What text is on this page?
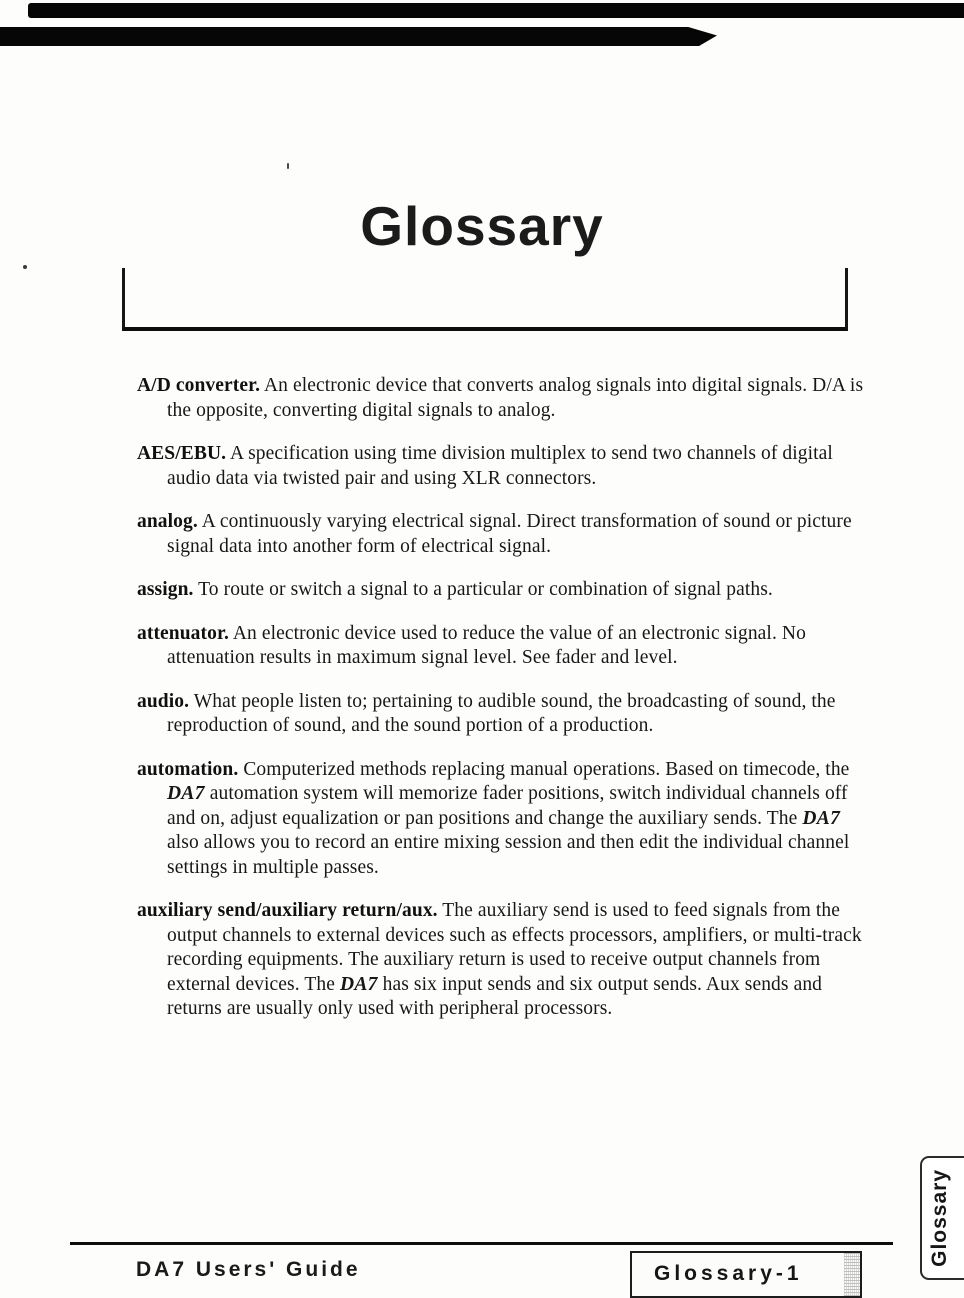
Glossary

A/D converter. An electronic device that converts analog signals into digital signals. D/A is the opposite, converting digital signals to analog.

AES/EBU. A specification using time division multiplex to send two channels of digital audio data via twisted pair and using XLR connectors.

analog. A continuously varying electrical signal. Direct transformation of sound or picture signal data into another form of electrical signal.

assign. To route or switch a signal to a particular or combination of signal paths.

attenuator. An electronic device used to reduce the value of an electronic signal. No attenuation results in maximum signal level. See fader and level.

audio. What people listen to; pertaining to audible sound, the broadcasting of sound, the reproduction of sound, and the sound portion of a production.

automation. Computerized methods replacing manual operations. Based on timecode, the DA7 automation system will memorize fader positions, switch individual channels off and on, adjust equalization or pan positions and change the auxiliary sends. The DA7 also allows you to record an entire mixing session and then edit the individual channel settings in multiple passes.

auxiliary send/auxiliary return/aux. The auxiliary send is used to feed signals from the output channels to external devices such as effects processors, amplifiers, or multi-track recording equipments. The auxiliary return is used to receive output channels from external devices. The DA7 has six input sends and six output sends. Aux sends and returns are usually only used with peripheral processors.

DA7 Users' Guide	Glossary-1
Glossary
